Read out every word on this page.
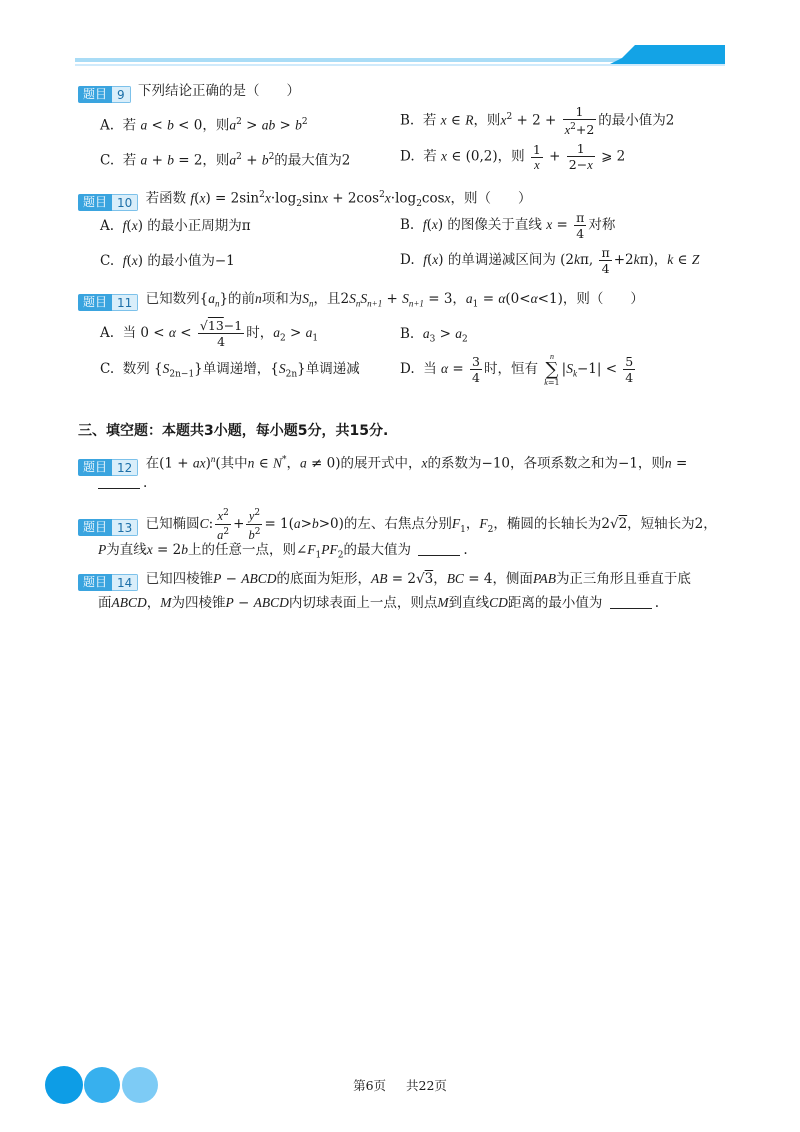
题目 9 下列结论正确的是（　　）
A. 若 a < b < 0，则$a^2$ > ab > $b^2$	B. 若 x ∈ R，则$x^2 + 2 + \frac{1}{x^2+2}$ 的最小值为2
C. 若 a + b = 2，则$a^2 + b^2$的最大值为2	D. 若 x ∈ (0,2)，则 $\frac{1}{x} + \frac{1}{2-x}$ ⩾ 2
题目 10 若函数 $f(x) = 2\sin^2x\cdot\log_2\sin x + 2\cos^2x\cdot\log_2\cos x$，则（　　）
A. f(x) 的最小正周期为π	B. f(x) 的图像关于直线 $x = \frac{\pi}{4}$ 对称
C. f(x) 的最小值为−1	D. f(x) 的单调递减区间为 (2kπ, $\frac{\pi}{4} +2k\pi$)，k ∈ Z
题目 11 已知数列$\{a_n\}$的前n项和为$S_n$，且$2S_nS_{n+1} + S_{n+1} = 3$，$a_1 = \alpha(0<\alpha<1)$，则（　　）
A. 当 $0 < \alpha < \frac{√13-1}{4}$ 时，$a_2 > a_1$	B. $a_3 > a_2$
C. 数列 $\{S_{2n-1}\}$单调递增，$\{S_{2n}\}$单调递减	D. 当 $\alpha = \frac{3}{4}$ 时，恒有
n
∑
k=1
$|S_k-1| < \frac{5}{4}$
三、填空题：本题共3小题，每小题5分，共15分.
题目 12 在(1 + ax)$^n$(其中n ∈ N*，a ≠ 0)的展开式中，x的系数为−10，各项系数之和为−1，则n =
.
题目 13 已知椭圆C: $\frac{x^2}{a^2} + \frac{y^2}{b^2} = 1(a>b>0)$的左、右焦点分别$F_1$，$F_2$，椭圆的长轴长为2√2，短轴长为2，
P为直线x = 2b上的任意一点，则$\angle F_1PF_2$的最大值为	.
题目 14 已知四棱锥P − ABCD的底面为矩形，AB = 2√3，BC = 4，侧面PAB为正三角形且垂直于底
面ABCD，M为四棱锥P − ABCD内切球表面上一点，则点M到直线CD距离的最小值为	.
第6页 共22页
